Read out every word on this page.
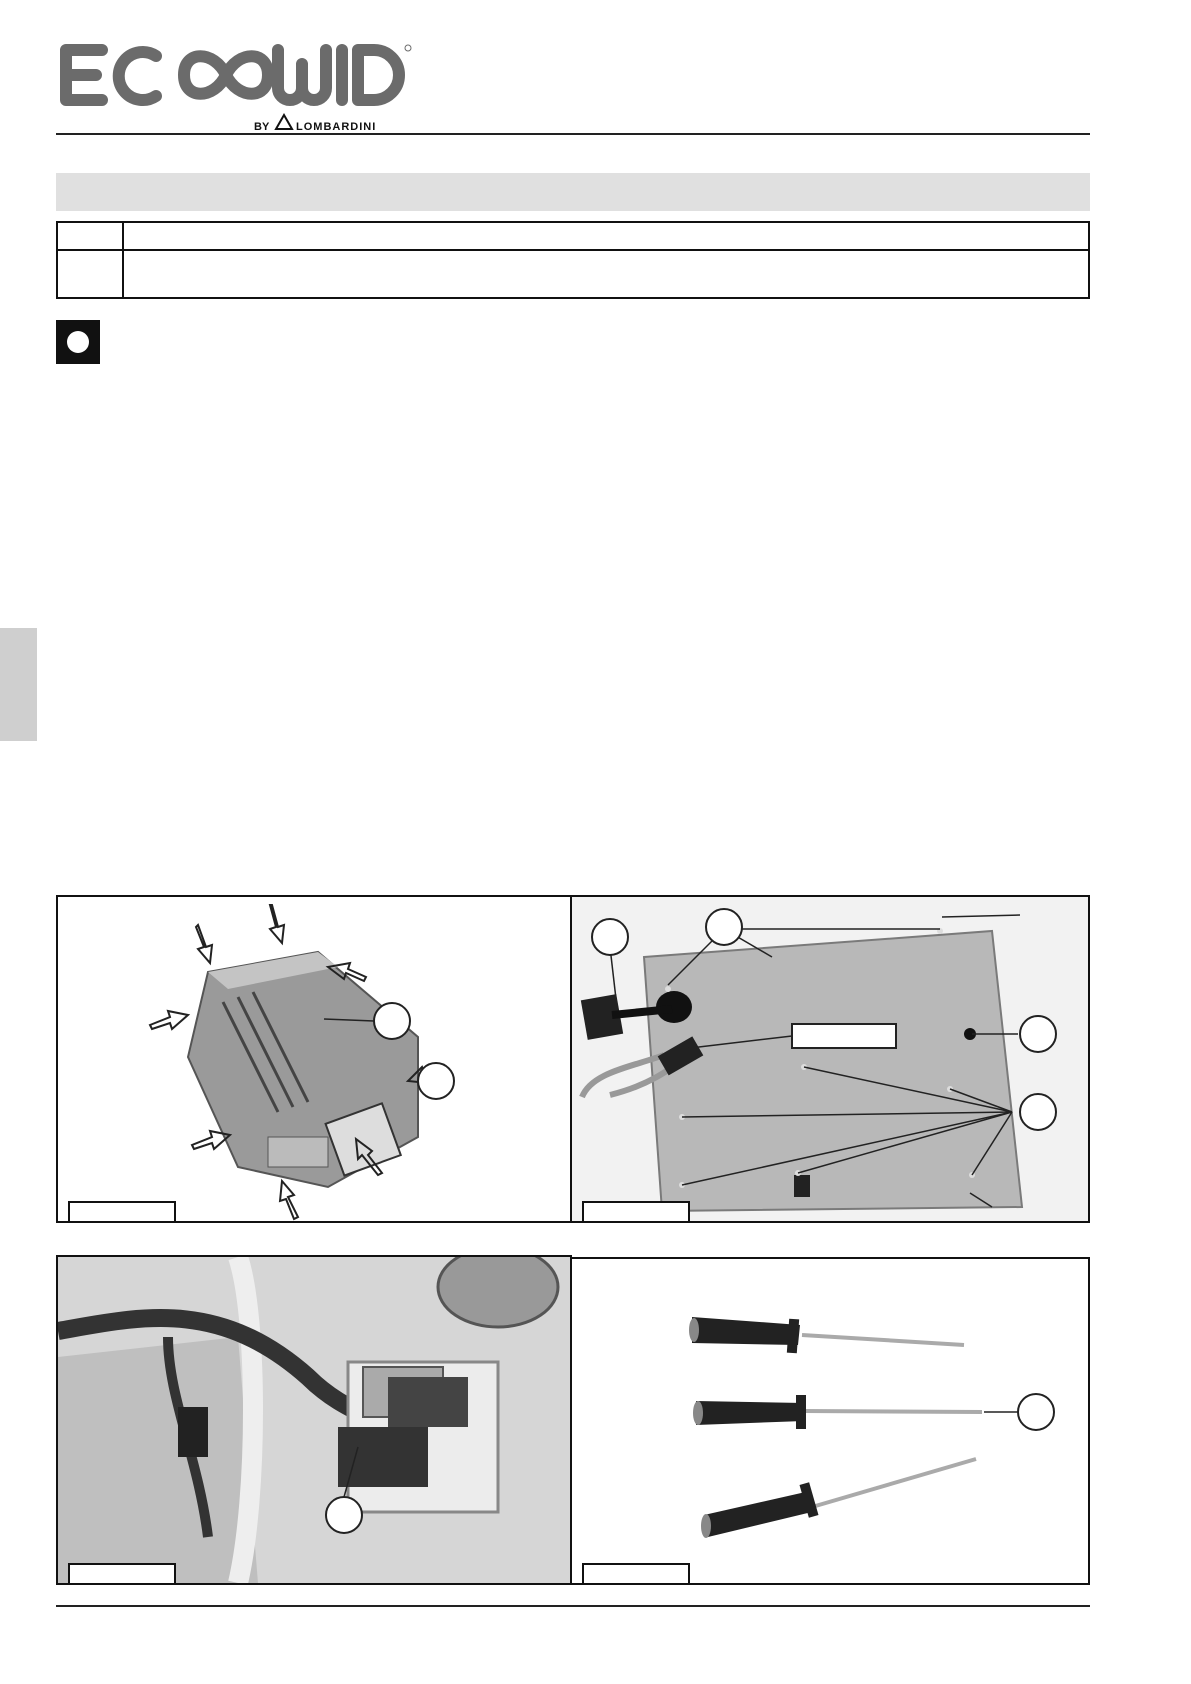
BY LOMBARDINI
